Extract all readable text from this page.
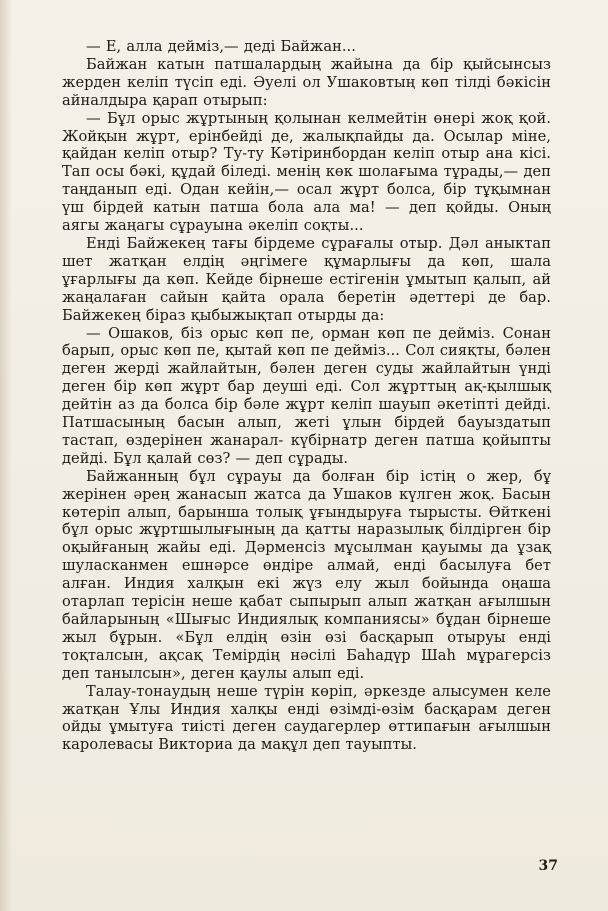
— Е, алла деймiз,— дедi Байжан...

Байжан катын патшалардың жайына да бiр қыйсынсыз жерден келiп түсiп едi. Әуелi ол Ушаковтың көп тiлдi бәкiсiн айналдыра қарап отырып:

— Бұл орыс жұртының қолынан келмейтiн өнерi жоқ қой. Жойқын жұрт, ерiнбейдi де, жалықпайды да. Осылар мiне, қайдан келiп отыр? Ту-ту Кәтiринбордан келiп отыр ана кiсi. Тап осы бәкi, құдай бiледi. менiң көк шолағыма тұрады,— деп таңданып едi. Одан кейiн,— осал жұрт болса, бiр тұқымнан үш бiрдей катын патша бола ала ма! — деп қойды. Оның аягы жаңагы сұрауына әкелiп соқты...

Ендi Байжекең тағы бiрдеме сұрағалы отыр. Дәл аныктап шет жатқан елдiң әңгiмеге құмарлығы да көп, шала ұғарлығы да көп. Кейде бiрнеше естiгенiн ұмытып қалып, ай жаңалаған сайын қайта орала беретiн әдеттерi де бар. Байжекең бiраз қыбыжықтап отырды да:

— Ошаков, бiз орыс көп пе, орман көп пе деймiз. Сонан барып, орыс көп пе, қытай көп пе деймiз... Сол сияқты, бәлен деген жердi жайлайтын, бәлен деген суды жайлайтын үндi деген бiр көп жұрт бар деушi едi. Сол жұрттың ақ-қылшық дейтiн аз да болса бiр бәле жұрт келiп шауып әкетiптi дейдi. Патшасының басын алып, жетi ұлын бiрдей бауыздатып тастап, өздерiнен жанарал- күбiрнатр деген патша қойыпты дейдi. Бұл қалай сөз? — деп сұрады.

Байжанның бұл сұрауы да болған бiр iстiң о жер, бұ жерiнен әрең жанасып жатса да Ушаков күлген жоқ. Басын көтерiп алып, барынша толық ұғындыруға тырысты. Өйткенi бұл орыс жұртшылығының да қатты наразылық бiлдiрген бiр оқыйғаның жайы едi. Дәрменсiз мұсылман қауымы да ұзақ шуласканмен ешнәрсе өндiре алмай, ендi басылуға бет алған. Индия халқын екi жүз елу жыл бойында оңаша отарлап терiсiн неше қабат сыпырып алып жатқан ағылшын байларының «Шығыс Индиялық компаниясы» бұдан бiрнеше жыл бұрын. «Бұл елдiң өзiн өзi басқарып отыруы ендi тоқталсын, ақсақ Темiрдiң нәсiлi Баһадүр Шаһ мұрагерсiз деп танылсын», деген қаулы алып едi.

Талау-тонаудың неше түрiн көрiп, әркезде алысумен келе жатқан Ұлы Индия халқы ендi өзiмдi-өзiм басқарам деген ойды ұмытуға тиiстi деген саудагерлер өттипағын ағылшын каролевасы Викториа да мақұл деп тауыпты.

37
